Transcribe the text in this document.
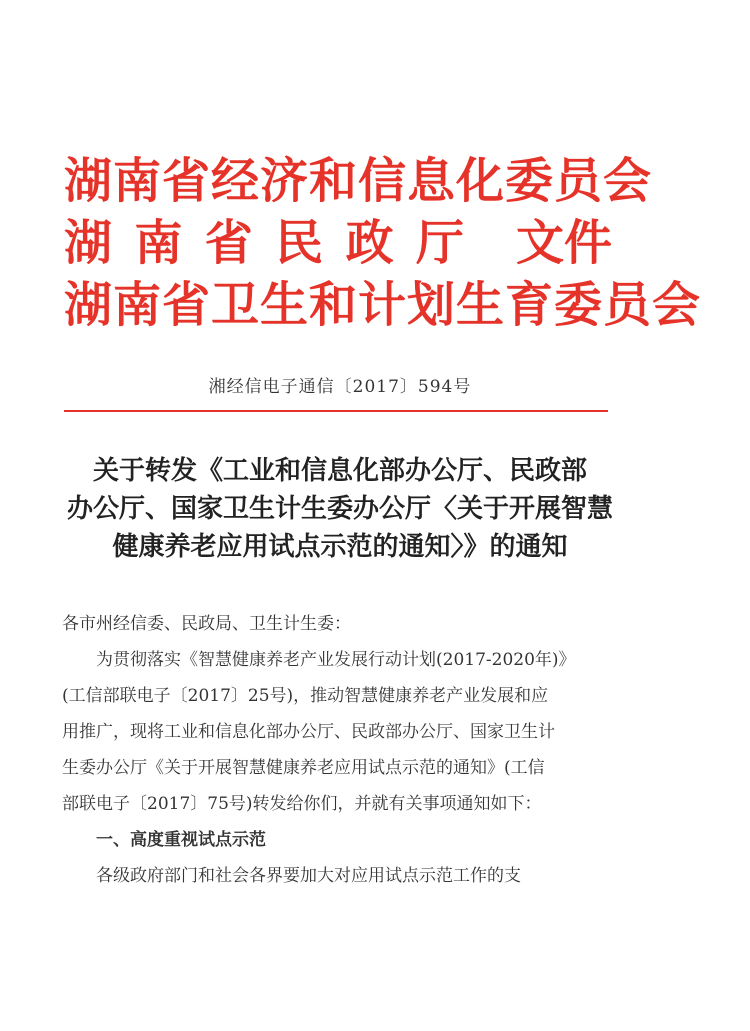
湖南省经济和信息化委员会
湖 南 省 民 政 厅 文件
湖南省卫生和计划生育委员会
湘经信电子通信〔2017〕594号
关于转发《工业和信息化部办公厅、民政部
办公厅、国家卫生计生委办公厅〈关于开展智慧
健康养老应用试点示范的通知〉》的通知
各市州经信委、民政局、卫生计生委：
为贯彻落实《智慧健康养老产业发展行动计划(2017-2020年)》
(工信部联电子〔2017〕25号)，推动智慧健康养老产业发展和应
用推广，现将工业和信息化部办公厅、民政部办公厅、国家卫生计
生委办公厅《关于开展智慧健康养老应用试点示范的通知》(工信
部联电子〔2017〕75号)转发给你们，并就有关事项通知如下：
一、高度重视试点示范
各级政府部门和社会各界要加大对应用试点示范工作的支
